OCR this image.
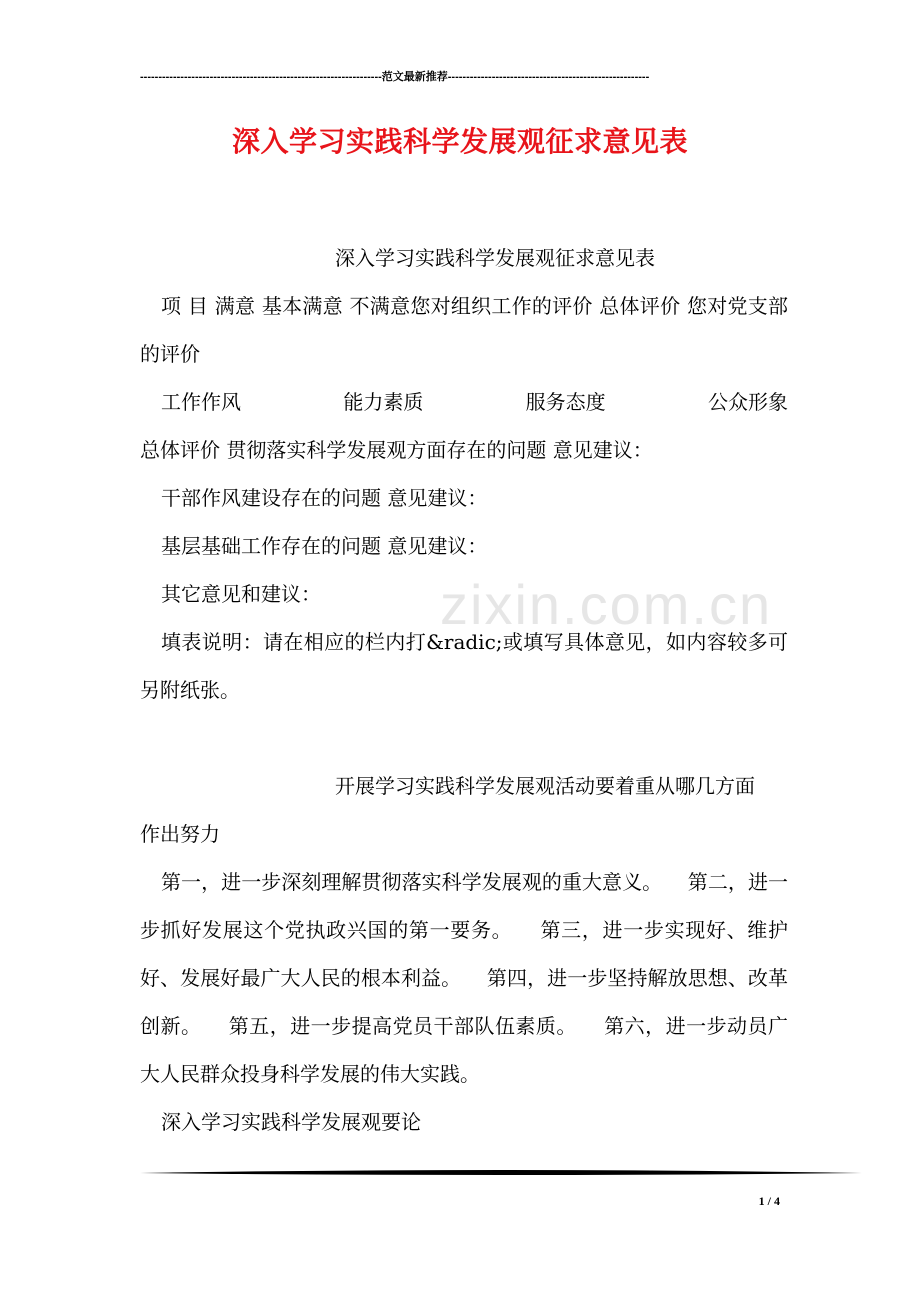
------------------------------------------------------------------范文最新推荐-------------------------------------------------------
深入学习实践科学发展观征求意见表
zixin.com.cn

深入学习实践科学发展观征求意见表

项 目 满意 基本满意 不满意您对组织工作的评价 总体评价 您对党支部的评价

工作作风	能力素质	服务态度	公众形象

总体评价 贯彻落实科学发展观方面存在的问题 意见建议：

干部作风建设存在的问题 意见建议：

基层基础工作存在的问题 意见建议：

其它意见和建议：

填表说明：请在相应的栏内打&radic;或填写具体意见，如内容较多可另附纸张。

开展学习实践科学发展观活动要着重从哪几方面

作出努力

第一，进一步深刻理解贯彻落实科学发展观的重大意义。    第二，进一步抓好发展这个党执政兴国的第一要务。    第三，进一步实现好、维护好、发展好最广大人民的根本利益。    第四，进一步坚持解放思想、改革创新。    第五，进一步提高党员干部队伍素质。    第六，进一步动员广大人民群众投身科学发展的伟大实践。

深入学习实践科学发展观要论

1 / 4
